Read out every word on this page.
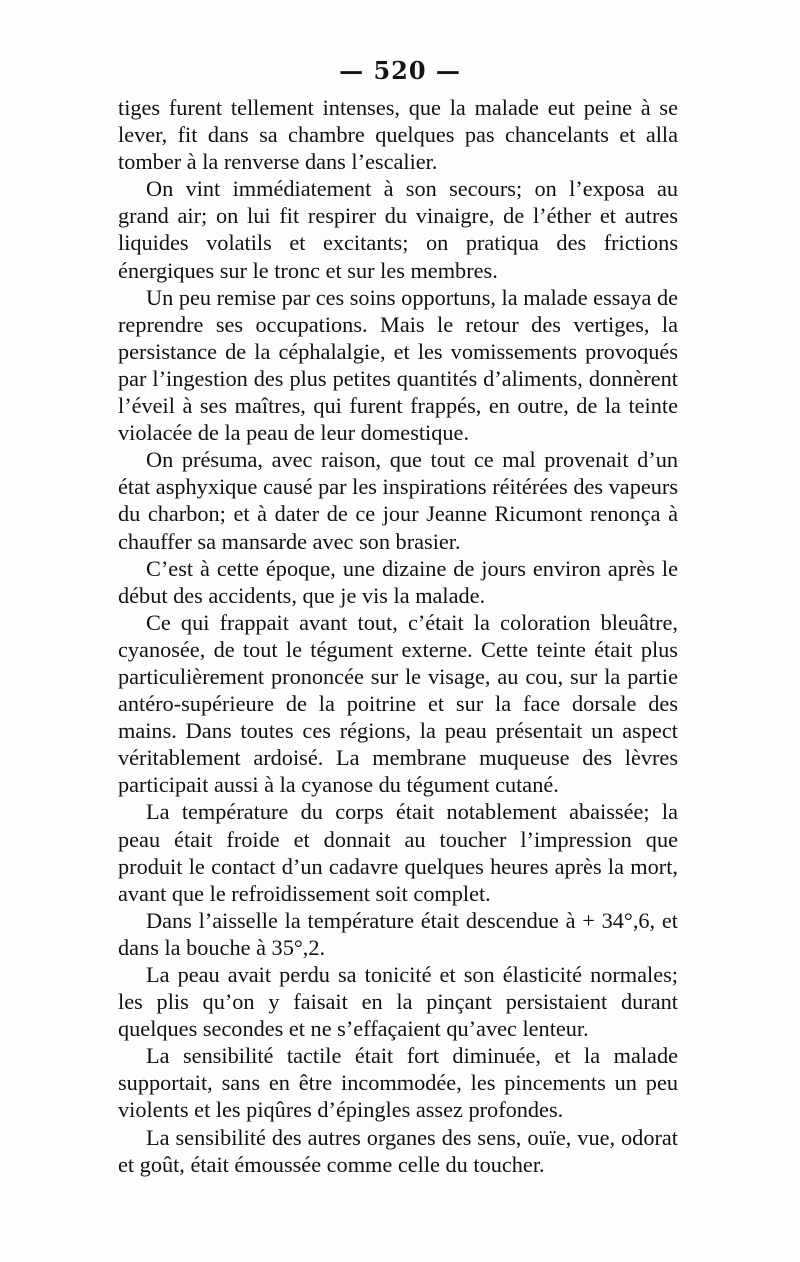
— 520 —

tiges furent tellement intenses, que la malade eut peine à se lever, fit dans sa chambre quelques pas chancelants et alla tomber à la renverse dans l’escalier.

On vint immédiatement à son secours; on l’exposa au grand air; on lui fit respirer du vinaigre, de l’éther et autres liquides volatils et excitants; on pratiqua des frictions énergiques sur le tronc et sur les membres.

Un peu remise par ces soins opportuns, la malade essaya de reprendre ses occupations. Mais le retour des vertiges, la persistance de la céphalalgie, et les vomissements provoqués par l’ingestion des plus petites quantités d’aliments, donnèrent l’éveil à ses maîtres, qui furent frappés, en outre, de la teinte violacée de la peau de leur domestique.

On présuma, avec raison, que tout ce mal provenait d’un état asphyxique causé par les inspirations réitérées des vapeurs du charbon; et à dater de ce jour Jeanne Ricumont renonça à chauffer sa mansarde avec son brasier.

C’est à cette époque, une dizaine de jours environ après le début des accidents, que je vis la malade.

Ce qui frappait avant tout, c’était la coloration bleuâtre, cyanosée, de tout le tégument externe. Cette teinte était plus particulièrement prononcée sur le visage, au cou, sur la partie antéro-supérieure de la poitrine et sur la face dorsale des mains. Dans toutes ces régions, la peau présentait un aspect véritablement ardoisé. La membrane muqueuse des lèvres participait aussi à la cyanose du tégument cutané.

La température du corps était notablement abaissée; la peau était froide et donnait au toucher l’impression que produit le contact d’un cadavre quelques heures après la mort, avant que le refroidissement soit complet.

Dans l’aisselle la température était descendue à + 34°,6, et dans la bouche à 35°,2.

La peau avait perdu sa tonicité et son élasticité normales; les plis qu’on y faisait en la pinçant persistaient durant quelques secondes et ne s’effaçaient qu’avec lenteur.

La sensibilité tactile était fort diminuée, et la malade supportait, sans en être incommodée, les pincements un peu violents et les piqûres d’épingles assez profondes.

La sensibilité des autres organes des sens, ouïe, vue, odorat et goût, était émoussée comme celle du toucher.
